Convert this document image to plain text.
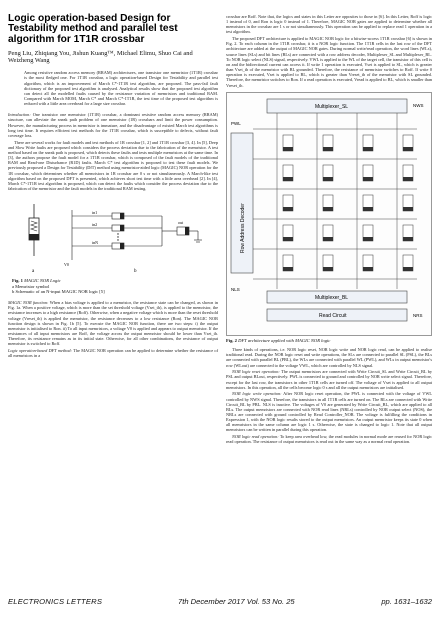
Logic operation-based Design for Testability method and parallel test algorithm for 1T1R crossbar
Peng Liu, Zhiqiang You, Jishun Kuang™, Michael Elimu, Shuo Cai and Weizheng Wang
Among resistive random access memory (RRAM) architectures, one transistor one memristor (1T1R) crossbar is the most fledged one. For 1T1R crossbar, a logic operation-based Design for Testability and parallel test algorithm, which is an improvement of March C*-1T1R test algorithm, are proposed. The pass-fail fault dictionary of the proposed test algorithm is analysed. Analytical results show that the proposed test algorithm can detect all the modelled faults caused by the resistance variation of memristors and traditional RAM. Compared with March MOM, March C* and March C*-1T1R, the test time of the proposed test algorithm is reduced with a little area overhead for a large size crossbar.

Introduction: One transistor one memristor (1T1R) crossbar, a dominant resistive random access memory (RRAM) structure, can alleviate the sneak path problem of one memristor (1R) crossbars and limit the power consumption. However, the manufacturing process in memristor is immature, and the disadvantage of existed March test algorithms is long test time. It requires efficient test methods for the 1T1R crossbar, which is susceptible to defects, without fault coverage loss.

There are several works for fault models and test methods of 1R crossbar [1, 2] and 1T1R crossbar [3, 4]. In [5], Deep and Slow Write faults are proposed which considers the process deviation due to the fabrication of the memristor. A test method based on the sneak path is proposed, which detects these faults and tests multiple memristors at the same time. In [3], the authors propose the fault model for a 1T1R crossbar, which is composed of the fault models of the traditional RAM and Read-one Disturbance (R1D) faults. March C* test algorithm is proposed to test these fault models. We previously proposed a Design for Testability (DfT) method using memristor-aided logic (MAGIC) NOR operation for the 1R crossbar, which determines whether all memristors in 1R crossbar are 0 s or not simultaneously. A March-like test algorithm based on the proposed DFT is presented, which achieves short test time with a little area overhead [2]. In [4], March C*-1T1R test algorithm is proposed, which can detect the faults which consider the process deviation due to the fabrication of the memristor and the fault models in the traditional RAM testing.

a
in1
in2
inN
out
V0
b
Fig. 1 MAGIC NOR Logic
a Memristor symbol
b Schematic of an N-input MAGIC NOR logic [5]

MAGIC NOR function: When a bias voltage is applied to a memristor, the resistance state can be changed, as shown in Fig. 1a. When a positive voltage, which is more than the set threshold voltage (Vset_th), is applied to the memristor, the resistance increases to a high resistance (Roff). Otherwise, when a negative voltage which is more than the reset threshold voltage (Vreset_th) is applied the memristor, the resistance decreases to a low resistance (Ron). The MAGIC NOR function design is shown in Fig. 1b [5]. To execute the MAGIC NOR function, there are two steps: i) the output memristor is initialised to Ron. ii) To all input memristors, a voltage V0 is applied and appears to output memristor. If the resistances of all input memristors are Roff, the voltage across the output memristor should be lower than Vset_th. Therefore, its resistance remains as in its initial state. Otherwise, for all other combinations, the resistance of output memristor is switched to Roff.

Logic operation-based DFT method: The MAGIC NOR operation can be applied to determine whether the resistance of all memristors in a

crossbar are Roff. Note that, the logics and states in this Letter are opposites to those in [6]. In this Letter, Roff is logic 1 instead of 0, and Ron is logic 0 instead of 1. Therefore, MAGIC NOR gates are applied to determine whether all memristors in the crossbar are 1 s or not simultaneously. This operation can be applied to replace read 1 operation in a test algorithm.

The proposed DFT architecture is applied to MAGIC NOR logic for a bitwise-access 1T1R crossbar [6] is shown in Fig. 2. To each column in the 1T1R crossbar, it is a NOR logic function. The 1T1R cells in the last row of the DFT architecture are added at the output of MAGIC NOR gates. During normal write/read operation, the word lines (WLs), source lines (SLs) and bit lines (BLs) are connected with a row address decoder, Multiplexer_SL and Multiplexer_BL. To NOR logic select (NLS) signal, respectively. VWL is applied to the WL of the target cell, the transistor of this cell is on and the bidirectional current can access it. If write 1 operation is executed, Vset is applied to SL, which is greater than Vset_th of the memristor with BL grounded. Therefore, the resistance of memristor switches to Roff. If write 0 operation is executed, Vset is applied to BL, which is greater than Vreset_th of the memristor with SL grounded. Therefore, the memristor switches to Ron. If a read operation is executed, Vread is applied to BL, which is smaller than Vreset_th.

Row Address Decoder
Multiplexer_SL
Multiplexer_BL
Read Circuit
NLS
PWL
NWS
NRS
Fig. 2 DFT architecture applied with MAGIC NOR logic

Three kinds of operations, i.e. NOR logic reset, NOR logic write and NOR logic read, can be applied to realise traditional read. During the NOR logic reset and write operations, the SLs are connected to parallel SL (PSL), the BLs are connected with parallel BL (PBL), the WLs are connected with parallel WL (PWL), and WLs in output memristor's row (WLout) are connected to the voltage VWL, which are controlled by NLS signal.

NOR logic reset operation: The output memristors are connected with Write Circuit_SL and Write Circuit_BL by PSL and output BLout, respectively. PWL is connected to ground and controlled by NOR write select signal. Therefore, except for the last row, the transistors in other 1T1R cells are turned off. The voltage of Vset is applied to all output memristors. In this operation, all the cells become logic 0 s and all the output memristors are initialised.

NOR logic write operation: After NOR logic reset operation, the PWL is connected with the voltage of VWL controlled by NWS signal. Therefore, the transistors in all 1T1R cells are turned on. The BLs are connected with Write Circuit_BL by PBL. NLS is inactive. The voltages of V0 are generated by Write Circuit_BL, which are applied to all BLs. The output memristors are connected with NOR read lines (NRLs) controlled by NOR output select (NOS), the NRLs are connected with ground controlled by Read Controller_NOR. The voltage is fulfilling the conditions in Expression 1, with the NOR logic results stored to the output memristors. An output memristor keeps its state 0 when all memristors in the same column are logic 1 s. Otherwise, the state is changed to logic 1. Note that all output memristors can be written in parallel during this operation.

NOR logic read operation: To keep area overhead low, the read modules in normal mode are reused for NOR logic read operation. The resistance of output memristors is read out in the same way as a normal read operation.

ELECTRONICS LETTERS	7th December 2017 Vol. 53 No. 25	pp. 1631–1632
